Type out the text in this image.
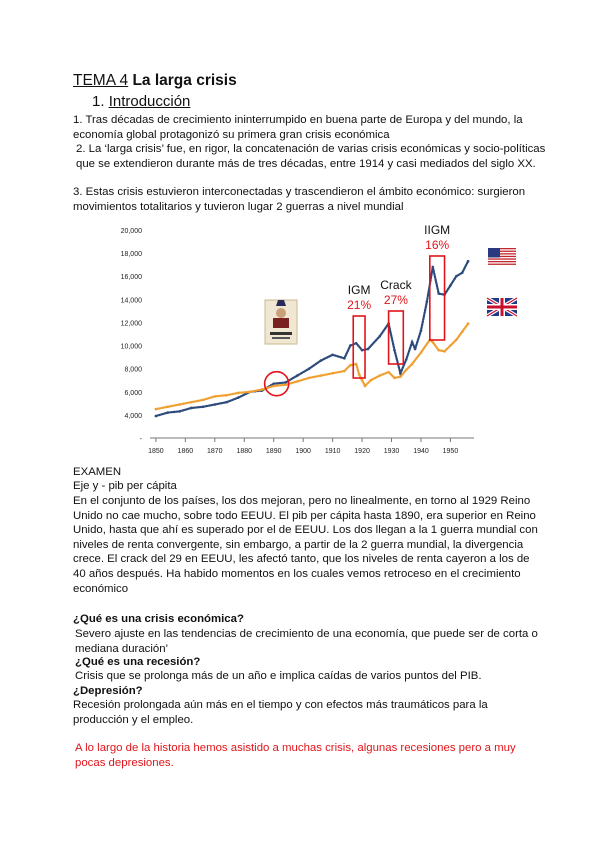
TEMA 4 La larga crisis
1. Introducción
1. Tras décadas de crecimiento ininterrumpido en buena parte de Europa y del mundo, la economía global protagonizó su primera gran crisis económica
2. La ‘larga crisis’ fue, en rigor, la concatenación de varias crisis económicas y socio-políticas que se extendieron durante más de tres décadas, entre 1914 y casi mediados del siglo XX.
3. Estas crisis estuvieron interconectadas y trascendieron el ámbito económico: surgieron movimientos totalitarios y tuvieron lugar 2 guerras a nivel mundial
-
4,000
6,000
8,000
10,000
12,000
14,000
16,000
18,000
20,000
1850 1860 1870 1880 1890 1900 1910 1920 1930 1940 1950
IGM
21%
Crack
27%
IIGM
16%
EXAMEN
Eje y - pib per cápita
En el conjunto de los países, los dos mejoran, pero no linealmente, en torno al 1929 Reino Unido no cae mucho, sobre todo EEUU. El pib per cápita hasta 1890, era superior en Reino Unido, hasta que ahí es superado por el de EEUU. Los dos llegan a la 1 guerra mundial con niveles de renta convergente, sin embargo, a partir de la 2 guerra mundial, la divergencia crece. El crack del 29 en EEUU, les afectó tanto, que los niveles de renta cayeron a los de 40 años después. Ha habido momentos en los cuales vemos retroceso en el crecimiento económico
¿Qué es una crisis económica?
Severo ajuste en las tendencias de crecimiento de una economía, que puede ser de corta o mediana duración’
¿Qué es una recesión?
Crisis que se prolonga más de un año e implica caídas de varios puntos del PIB.
¿Depresión?
Recesión prolongada aún más en el tiempo y con efectos más traumáticos para la producción y el empleo.
A lo largo de la historia hemos asistido a muchas crisis, algunas recesiones pero a muy pocas depresiones.
